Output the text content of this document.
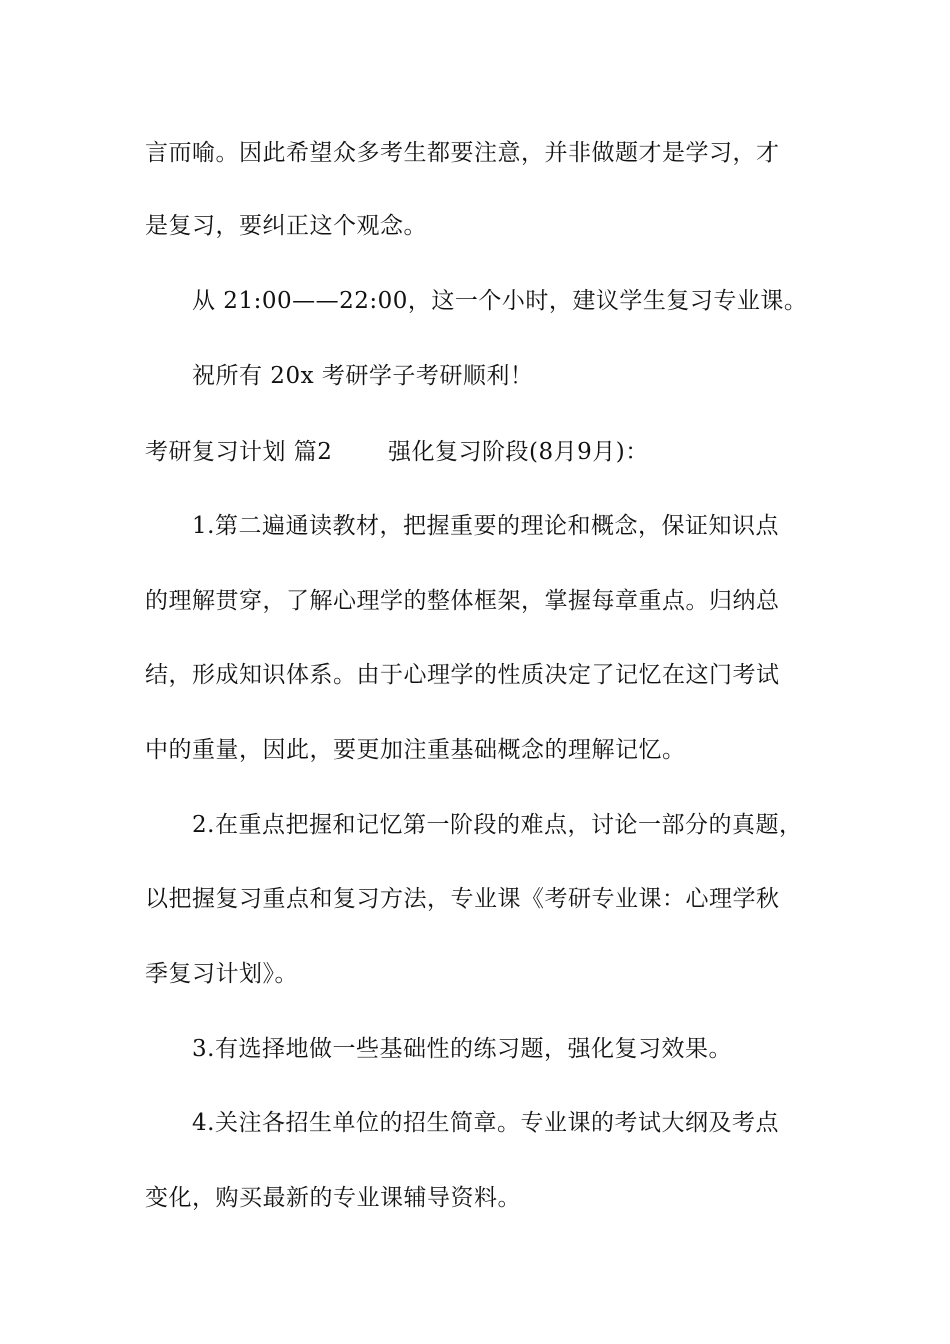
言而喻。因此希望众多考生都要注意，并非做题才是学习，才
是复习，要纠正这个观念。
从 21:00——22:00，这一个小时，建议学生复习专业课。
祝所有 20x 考研学子考研顺利！
考研复习计划 篇2 强化复习阶段(8月9月)：
1.第二遍通读教材，把握重要的理论和概念，保证知识点
的理解贯穿，了解心理学的整体框架，掌握每章重点。归纳总
结，形成知识体系。由于心理学的性质决定了记忆在这门考试
中的重量，因此，要更加注重基础概念的理解记忆。
2.在重点把握和记忆第一阶段的难点，讨论一部分的真题，
以把握复习重点和复习方法，专业课《考研专业课：心理学秋
季复习计划》。
3.有选择地做一些基础性的练习题，强化复习效果。
4.关注各招生单位的招生简章。专业课的考试大纲及考点
变化，购买最新的专业课辅导资料。
